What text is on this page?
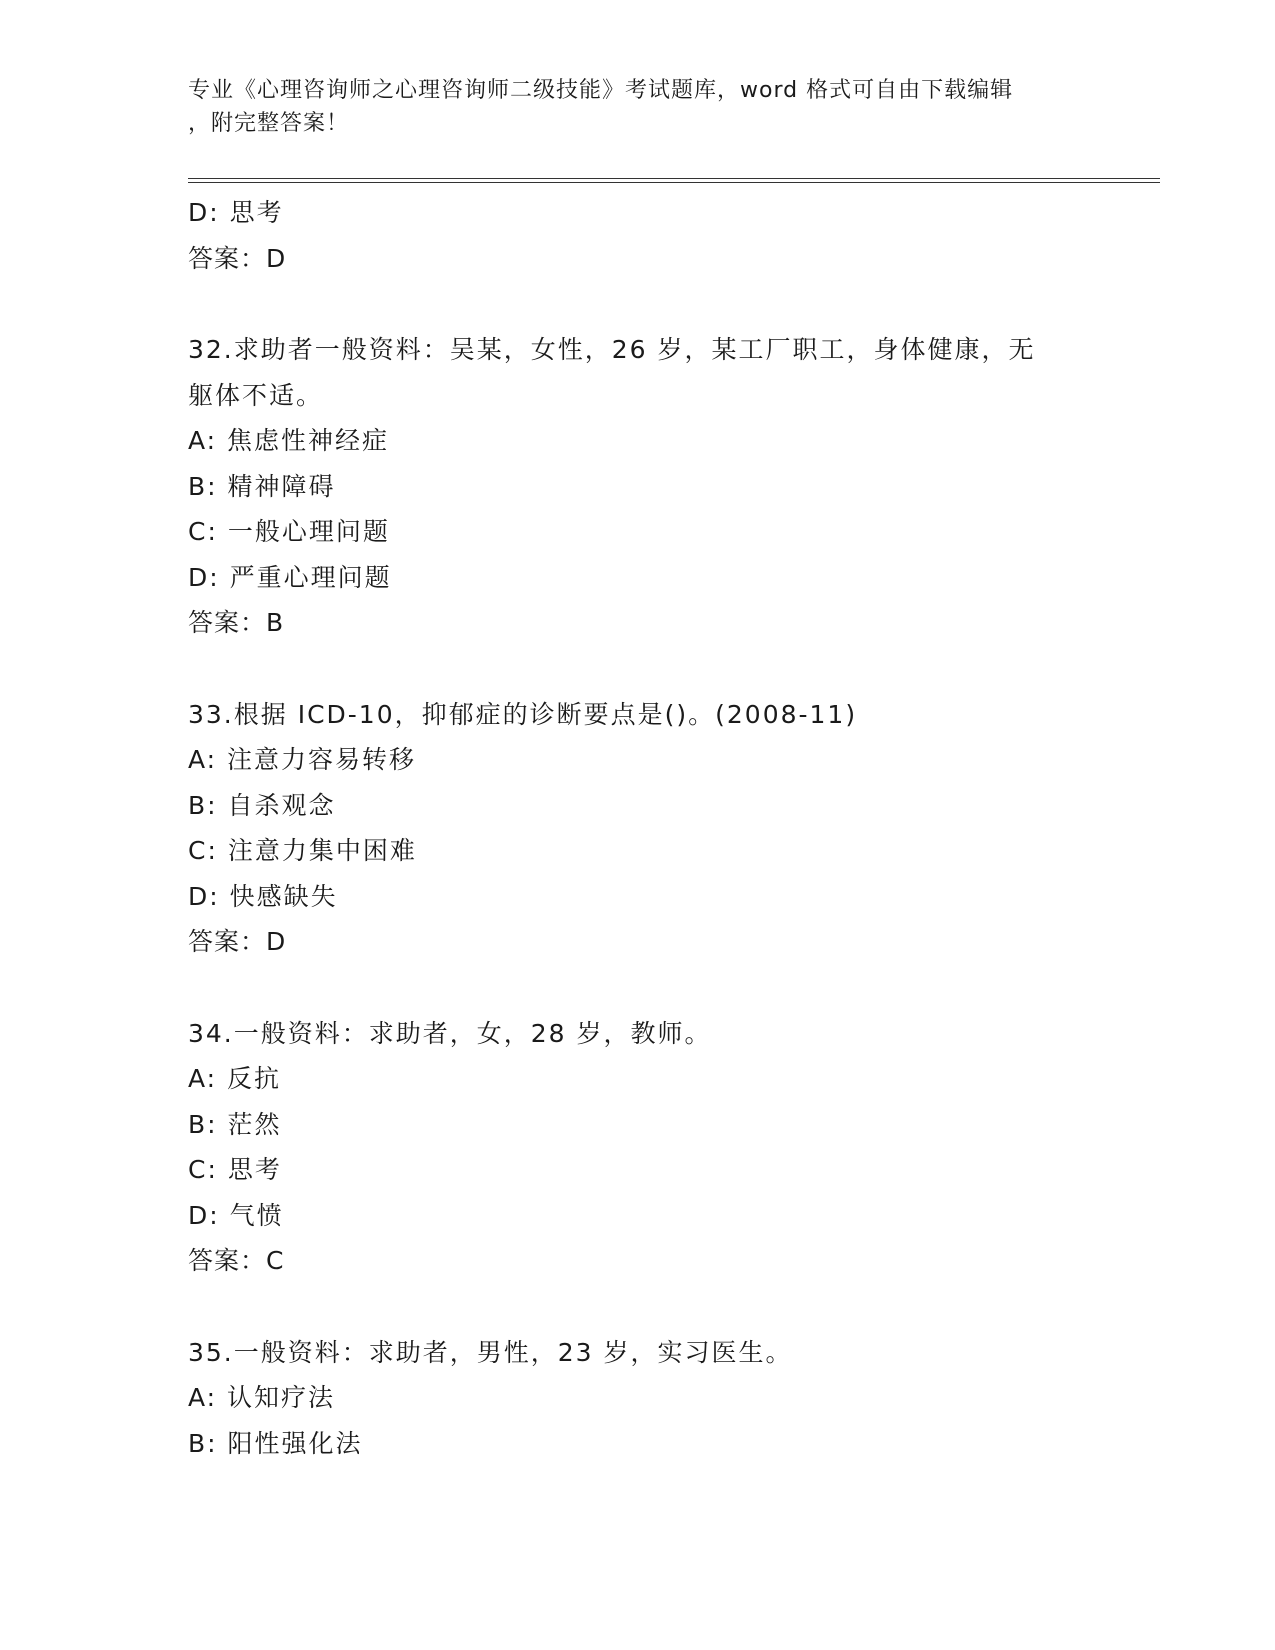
专业《心理咨询师之心理咨询师二级技能》考试题库，word 格式可自由下载编辑
，附完整答案！
D: 思考
答案：D
32.求助者一般资料：吴某，女性，26 岁，某工厂职工，身体健康，无
躯体不适。
A: 焦虑性神经症
B: 精神障碍
C: 一般心理问题
D: 严重心理问题
答案：B
33.根据 ICD-10，抑郁症的诊断要点是()。(2008-11)
A: 注意力容易转移
B: 自杀观念
C: 注意力集中困难
D: 快感缺失
答案：D
34.一般资料：求助者，女，28 岁，教师。
A: 反抗
B: 茫然
C: 思考
D: 气愤
答案：C
35.一般资料：求助者，男性，23 岁，实习医生。
A: 认知疗法
B: 阳性强化法
